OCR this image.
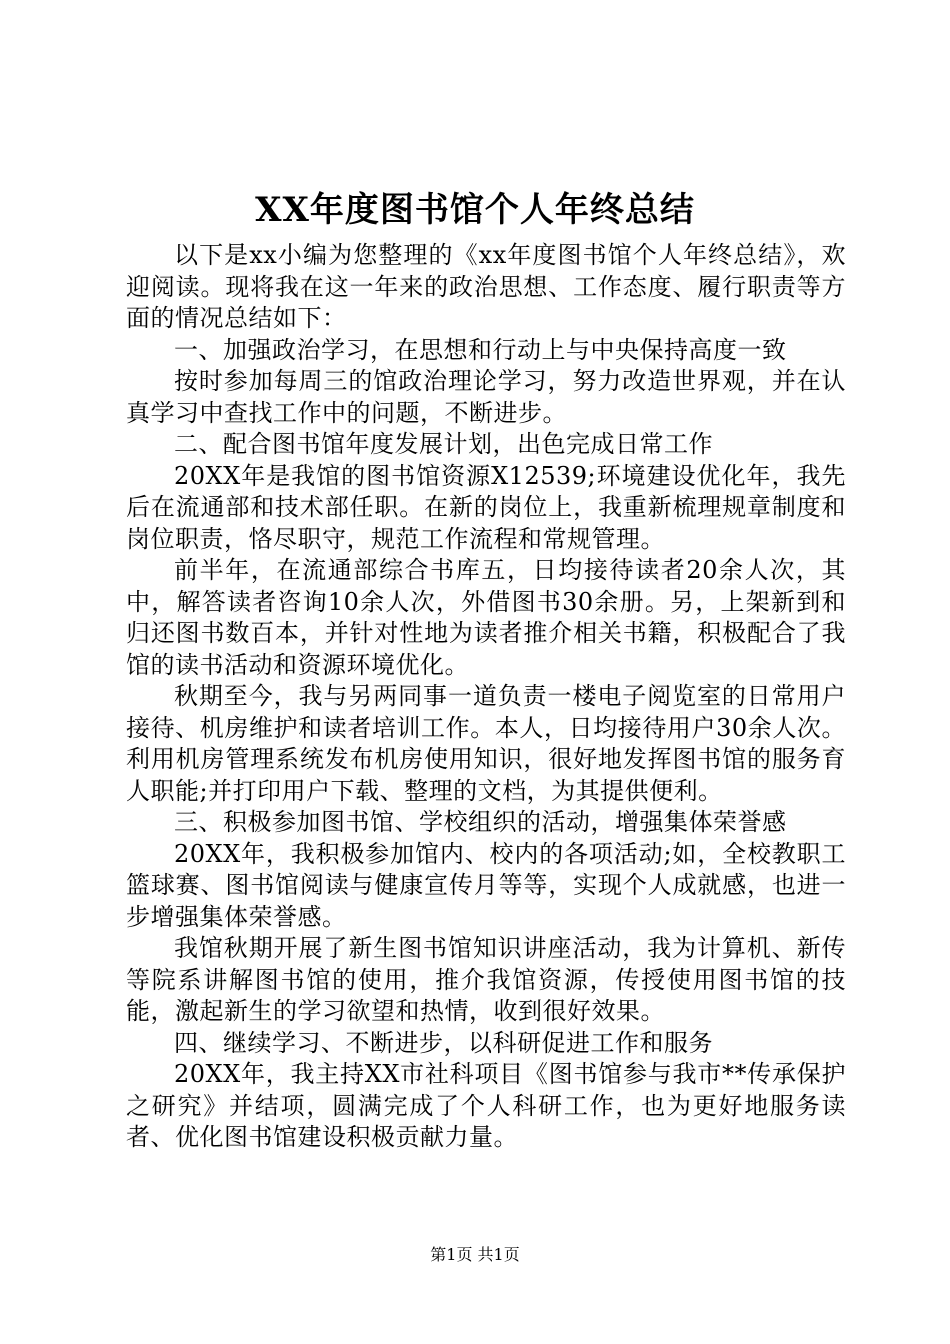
XX年度图书馆个人年终总结

以下是xx小编为您整理的《xx年度图书馆个人年终总结》，欢迎阅读。现将我在这一年来的政治思想、工作态度、履行职责等方面的情况总结如下：

一、加强政治学习，在思想和行动上与中央保持高度一致

按时参加每周三的馆政治理论学习，努力改造世界观，并在认真学习中查找工作中的问题，不断进步。

二、配合图书馆年度发展计划，出色完成日常工作

20XX年是我馆的图书馆资源X12539;环境建设优化年，我先后在流通部和技术部任职。在新的岗位上，我重新梳理规章制度和岗位职责，恪尽职守，规范工作流程和常规管理。

前半年，在流通部综合书库五，日均接待读者20余人次，其中，解答读者咨询10余人次，外借图书30余册。另，上架新到和归还图书数百本，并针对性地为读者推介相关书籍，积极配合了我馆的读书活动和资源环境优化。

秋期至今，我与另两同事一道负责一楼电子阅览室的日常用户接待、机房维护和读者培训工作。本人，日均接待用户30余人次。利用机房管理系统发布机房使用知识，很好地发挥图书馆的服务育人职能;并打印用户下载、整理的文档，为其提供便利。

三、积极参加图书馆、学校组织的活动，增强集体荣誉感

20XX年，我积极参加馆内、校内的各项活动;如，全校教职工篮球赛、图书馆阅读与健康宣传月等等，实现个人成就感，也进一步增强集体荣誉感。

我馆秋期开展了新生图书馆知识讲座活动，我为计算机、新传等院系讲解图书馆的使用，推介我馆资源，传授使用图书馆的技能，激起新生的学习欲望和热情，收到很好效果。

四、继续学习、不断进步，以科研促进工作和服务

20XX年，我主持XX市社科项目《图书馆参与我市**传承保护之研究》并结项，圆满完成了个人科研工作，也为更好地服务读者、优化图书馆建设积极贡献力量。

第1页 共1页
